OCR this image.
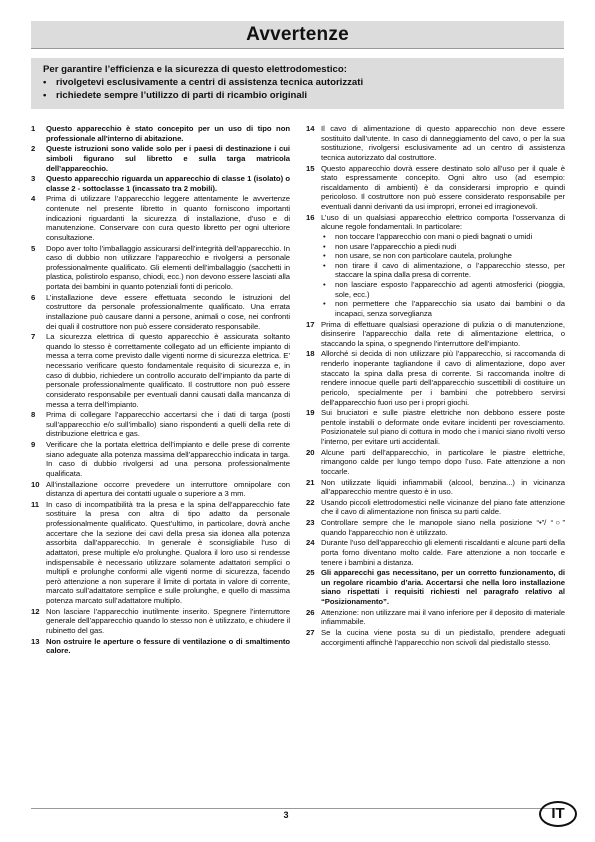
Avvertenze
Per garantire l’efficienza e la sicurezza di questo elettrodomestico:
• rivolgetevi esclusivamente a centri di assistenza tecnica autorizzati
• richiedete sempre l’utilizzo di parti di ricambio originali
1 Questo apparecchio è stato concepito per un uso di tipo non professionale all'interno di abitazione.
2 Queste istruzioni sono valide solo per i paesi di destinazione i cui simboli figurano sul libretto e sulla targa matricola dell’apparecchio.
3 Questo apparecchio riguarda un apparecchio di classe 1 (isolato) o classe 2 - sottoclasse 1 (incassato tra 2 mobili).
4 Prima di utilizzare l’apparecchio leggere attentamente le avvertenze contenute nel presente libretto in quanto forniscono importanti indicazioni riguardanti la sicurezza di installazione, d’uso e di manutenzione. Conservare con cura questo libretto per ogni ulteriore consultazione.
5 Dopo aver tolto l’imballaggio assicurarsi dell’integrità dell’apparecchio. In caso di dubbio non utilizzare l’apparecchio e rivolgersi a personale professionalmente qualificato. Gli elementi dell’imballaggio (sacchetti in plastica, polistirolo espanso, chiodi, ecc.) non devono essere lasciati alla portata dei bambini in quanto potenziali fonti di pericolo.
6 L’installazione deve essere effettuata secondo le istruzioni del costruttore da personale professionalmente qualificato. Una errata installazione può causare danni a persone, animali o cose, nei confronti dei quali il costruttore non può essere considerato responsabile.
7 La sicurezza elettrica di questo apparecchio è assicurata soltanto quando lo stesso è correttamente collegato ad un efficiente impianto di messa a terra come previsto dalle vigenti norme di sicurezza elettrica. E’ necessario verificare questo fondamentale requisito di sicurezza e, in caso di dubbio, richiedere un controllo accurato dell’impianto da parte di personale professionalmente qualificato. Il costruttore non può essere considerato responsabile per eventuali danni causati dalla mancanza di messa a terra dell’impianto.
8 Prima di collegare l’apparecchio accertarsi che i dati di targa (posti sull’apparecchio e/o sull’imballo) siano rispondenti a quelli della rete di distribuzione elettrica e gas.
9 Verificare che la portata elettrica dell’impianto e delle prese di corrente siano adeguate alla potenza massima dell’apparecchio indicata in targa. In caso di dubbio rivolgersi ad una persona professionalmente qualificata.
10 All’installazione occorre prevedere un interruttore omnipolare con distanza di apertura dei contatti uguale o superiore a 3 mm.
11 In caso di incompatibilità tra la presa e la spina dell’apparecchio fate sostituire la presa con altra di tipo adatto da personale professionalmente qualificato. Quest’ultimo, in particolare, dovrà anche accertare che la sezione dei cavi della presa sia idonea alla potenza assorbita dall’apparecchio. In generale è sconsigliabile l’uso di adattatori, prese multiple e/o prolunghe. Qualora il loro uso si rendesse indispensabile è necessario utilizzare solamente adattatori semplici o multipli e prolunghe conformi alle vigenti norme di sicurezza, facendo però attenzione a non superare il limite di portata in valore di corrente, marcato sull’adattatore semplice e sulle prolunghe, e quello di massima potenza marcato sull’adattatore multiplo.
12 Non lasciare l’apparecchio inutilmente inserito. Spegnere l’interruttore generale dell’apparecchio quando lo stesso non è utilizzato, e chiudere il rubinetto del gas.
13 Non ostruire le aperture o fessure di ventilazione o di smaltimento calore.
14 Il cavo di alimentazione di questo apparecchio non deve essere sostituito dall’utente. In caso di danneggiamento del cavo, o per la sua sostituzione, rivolgersi esclusivamente ad un centro di assistenza tecnica autorizzato dal costruttore.
15 Questo apparecchio dovrà essere destinato solo all’uso per il quale è stato espressamente concepito. Ogni altro uso (ad esempio: riscaldamento di ambienti) è da considerarsi improprio e quindi pericoloso. Il costruttore non può essere considerato responsabile per eventuali danni derivanti da usi impropri, erronei ed irragionevoli.
16 L’uso di un qualsiasi apparecchio elettrico comporta l’osservanza di alcune regole fondamentali. In particolare:
• non toccare l’apparecchio con mani o piedi bagnati o umidi
• non usare l’apparecchio a piedi nudi
• non usare, se non con particolare cautela, prolunghe
• non tirare il cavo di alimentazione, o l’apparecchio stesso, per staccare la spina dalla presa di corrente.
• non lasciare esposto l’apparecchio ad agenti atmosferici (pioggia, sole, ecc.)
• non permettere che l’apparecchio sia usato dai bambini o da incapaci, senza sorveglianza
17 Prima di effettuare qualsiasi operazione di pulizia o di manutenzione, disinserire l’apparecchio dalla rete di alimentazione elettrica, o staccando la spina, o spegnendo l’interruttore dell’impianto.
18 Allorché si decida di non utilizzare più l’apparecchio, si raccomanda di renderlo inoperante tagliandone il cavo di alimentazione, dopo aver staccato la spina dalla presa di corrente. Si raccomanda inoltre di rendere innocue quelle parti dell’apparecchio suscettibili di costituire un pericolo, specialmente per i bambini che potrebbero servirsi dell’apparecchio fuori uso per i propri giochi.
19 Sui bruciatori e sulle piastre elettriche non debbono essere poste pentole instabili o deformate onde evitare incidenti per rovesciamento. Posizionatele sul piano di cottura in modo che i manici siano rivolti verso l’interno, per evitare urti accidentali.
20 Alcune parti dell’apparecchio, in particolare le piastre elettriche, rimangono calde per lungo tempo dopo l’uso. Fate attenzione a non toccarle.
21 Non utilizzate liquidi infiammabili (alcool, benzina...) in vicinanza all’apparecchio mentre questo è in uso.
22 Usando piccoli elettrodomestici nelle vicinanze del piano fate attenzione che il cavo di alimentazione non finisca su parti calde.
23 Controllare sempre che le manopole siano nella posizione “•”/ “○” quando l’apparecchio non è utilizzato.
24 Durante l'uso dell'apparecchio gli elementi riscaldanti e alcune parti della porta forno diventano molto calde. Fare attenzione a non toccarle e tenere i bambini a distanza.
25 Gli apparecchi gas necessitano, per un corretto funzionamento, di un regolare ricambio d’aria. Accertarsi che nella loro installazione siano rispettati i requisiti richiesti nel paragrafo relativo al “Posizionamento”.
26 Attenzione: non utilizzare mai il vano inferiore per il deposito di materiale infiammabile.
27 Se la cucina viene posta su di un piedistallo, prendere adeguati accorgimenti affinchè l’apparecchio non scivoli dal piedistallo stesso.
3	IT
